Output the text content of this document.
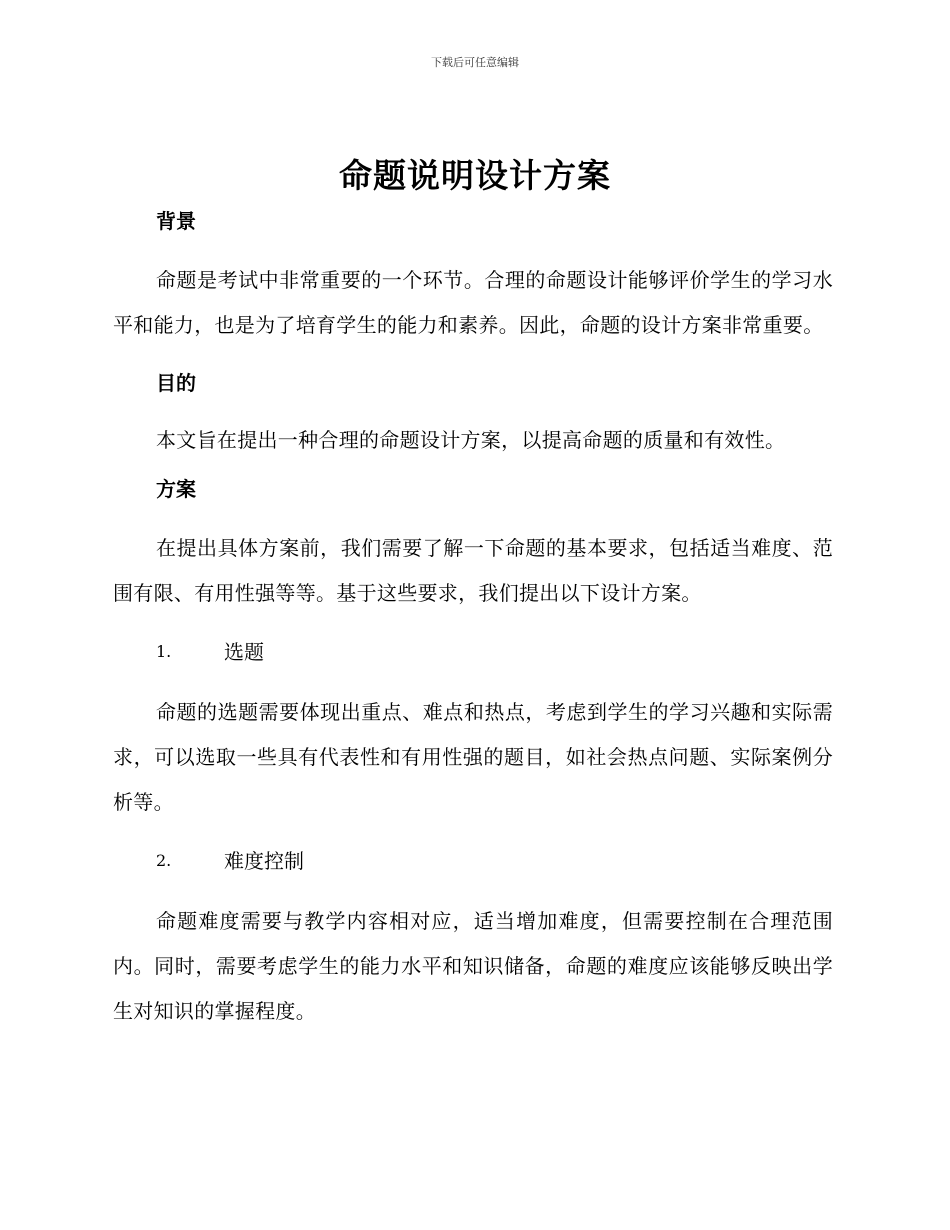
下载后可任意编辑
命题说明设计方案

背景

命题是考试中非常重要的一个环节。合理的命题设计能够评价学生的学习水平和能力，也是为了培育学生的能力和素养。因此，命题的设计方案非常重要。

目的

本文旨在提出一种合理的命题设计方案，以提高命题的质量和有效性。

方案

在提出具体方案前，我们需要了解一下命题的基本要求，包括适当难度、范围有限、有用性强等等。基于这些要求，我们提出以下设计方案。

1.	选题

命题的选题需要体现出重点、难点和热点，考虑到学生的学习兴趣和实际需求，可以选取一些具有代表性和有用性强的题目，如社会热点问题、实际案例分析等。

2.	难度控制

命题难度需要与教学内容相对应，适当增加难度，但需要控制在合理范围内。同时，需要考虑学生的能力水平和知识储备，命题的难度应该能够反映出学生对知识的掌握程度。
